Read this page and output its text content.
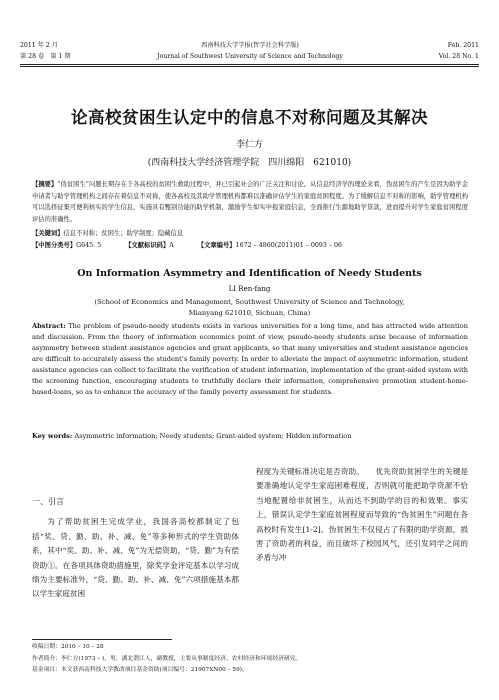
2011 年 2 月
第 28 卷　第 1 期
西南科技大学学报(哲学社会科学版)
Journal of Southwest University of Science and Technology
Feb. 2011
Vol. 28 No. 1
论高校贫困生认定中的信息不对称问题及其解决
李仁方
(西南科技大学经济管理学院　四川绵阳　621010)
【摘要】“伪贫困生”问题长期存在于各高校的贫困生救助过程中，并已引起社会的广泛关注和讨论。从信息经济学的理论来看，伪贫困生的产生是因为助学金申请者与助学管理机构之间存在着信息不对称，使各高校及其助学管理机构都难以准确评估学生的家庭贫困程度。为了缓解信息不对称的影响，助学管理机构可以选择征集可便利核实的学生信息，实施具有甄别功能的助学机制，激励学生如实申报家庭信息，全面推行生源地助学贷款，进而提升对学生家庭贫困程度评估的准确性。
【关键词】信息不对称；贫困生；助学制度；隐藏信息
【中图分类号】G645. 5	【文献标识码】A	【文章编号】1672 – 4860(2011)01 – 0093 – 06
On Information Asymmetry and Identification of Needy Students
LI Ren-fang
(School of Economics and Management, Southwest University of Science and Technology,
Mianyang 621010, Sichuan, China)
Abstract: The problem of pseudo-needy students exists in various universities for a long time, and has attracted wide attention and discussion. From the theory of information economics point of view, pseudo-needy students arise because of information asymmetry between student assistance agencies and grant applicants, so that many universities and student assistance agencies are difficult to accurately assess the student’s family poverty. In order to alleviate the impact of asymmetric information, student assistance agencies can collect to facilitate the verification of student information, implementation of the grant-aided system with the screening function, encouraging students to truthfully declare their information, comprehensive promotion student-home-based-loans, so as to enhance the accuracy of the family poverty assessment for students.
Key words: Asymmetric information; Needy students; Grant-aided system; Hidden information
一、引言
为了帮助贫困生完成学业，我国各高校都制定了包括“奖、贷、勤、助、补、减、免”等多种形式的学生资助体系，其中“奖、助、补、减、免”为无偿资助，“贷、勤”为有偿资助①。在各项具体资助措施里，除奖学金评定基本以学习成绩为主要标准外，“贷、勤、助、补、减、免”六项措施基本都以学生家庭贫困
程度为关键标准决定是否资助。　　优先资助贫困学生的关键是要准确地认定学生家庭困难程度，否则就可能把助学资源不恰当地配置给非贫困生，从而达不到助学的目的和效果。事实上，错误认定学生家庭贫困程度而导致的“伪贫困生”问题在各高校时有发生[1-2]。伪贫困生不仅侵占了有限的助学资源，损害了资助者的利益，而且破坏了校园风气，还引发同学之间的矛盾与冲
收稿日期：2010 – 10 – 28
作者简介：李仁方(1973 – )，男，湖北潜江人，副教授，主要从事制度经济、农村经济和环境经济研究。
基金项目：本文获西南科技大学教改项目基金资助(项目编号：21907XN00 – 59)。
